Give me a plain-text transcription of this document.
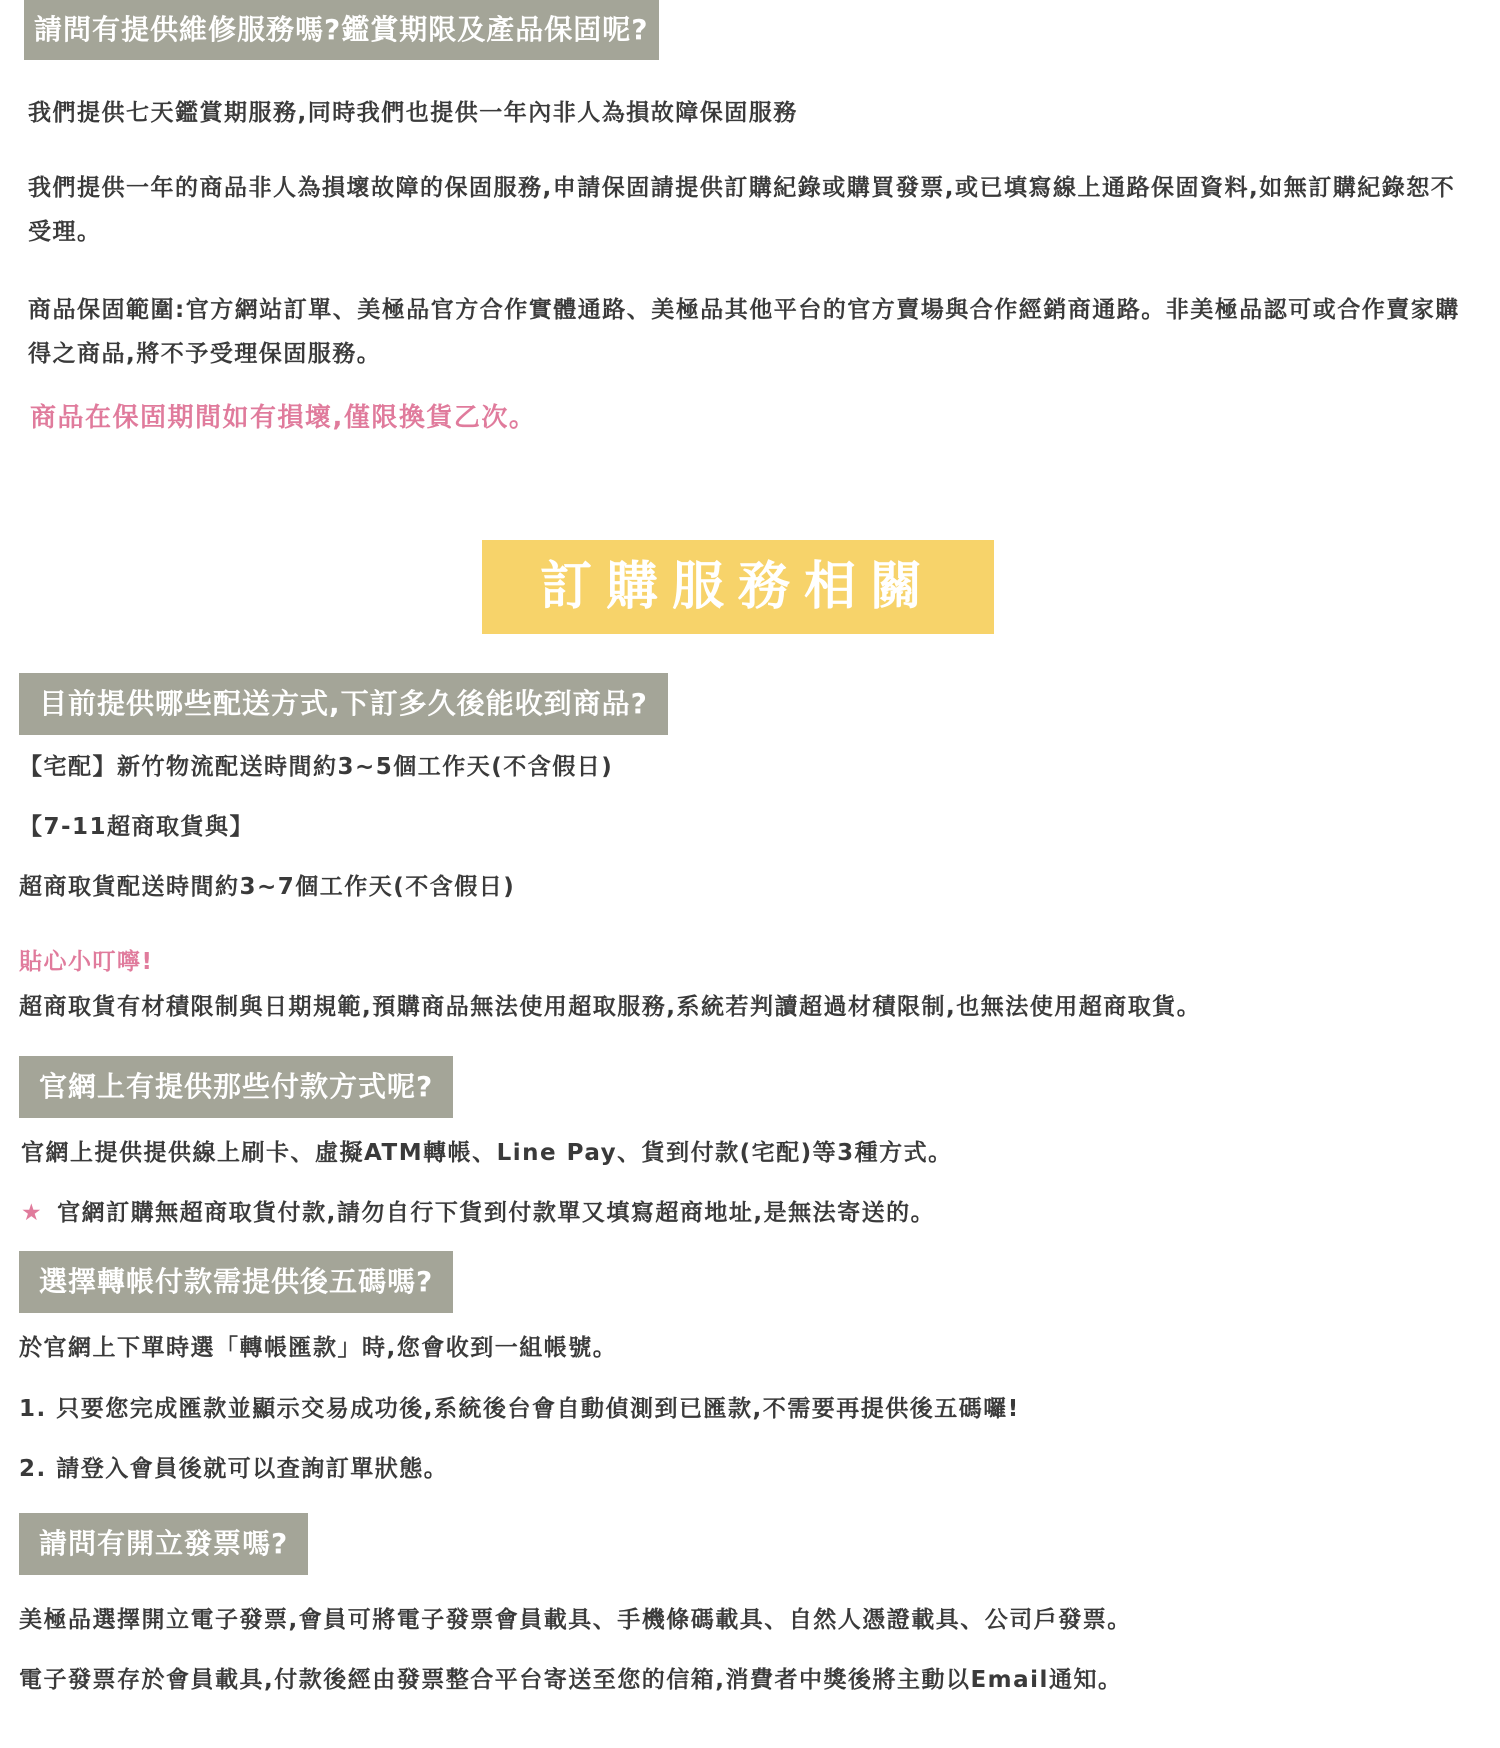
請問有提供維修服務嗎?鑑賞期限及產品保固呢?
我們提供七天鑑賞期服務,同時我們也提供一年內非人為損故障保固服務
我們提供一年的商品非人為損壞故障的保固服務,申請保固請提供訂購紀錄或購買發票,或已填寫線上通路保固資料,如無訂購紀錄恕不受理。
商品保固範圍:官方網站訂單、美極品官方合作實體通路、美極品其他平台的官方賣場與合作經銷商通路。非美極品認可或合作賣家購得之商品,將不予受理保固服務。
商品在保固期間如有損壞,僅限換貨乙次。
訂購服務相關
目前提供哪些配送方式,下訂多久後能收到商品?
【宅配】新竹物流配送時間約3~5個工作天(不含假日)
【7-11超商取貨與】
超商取貨配送時間約3~7個工作天(不含假日)
貼心小叮嚀!
超商取貨有材積限制與日期規範,預購商品無法使用超取服務,系統若判讀超過材積限制,也無法使用超商取貨。
官網上有提供那些付款方式呢?
官網上提供提供線上刷卡、虛擬ATM轉帳、Line Pay、貨到付款(宅配)等3種方式。
★ 官網訂購無超商取貨付款,請勿自行下貨到付款單又填寫超商地址,是無法寄送的。
選擇轉帳付款需提供後五碼嗎?
於官網上下單時選「轉帳匯款」時,您會收到一組帳號。
1. 只要您完成匯款並顯示交易成功後,系統後台會自動偵測到已匯款,不需要再提供後五碼囉!
2. 請登入會員後就可以查詢訂單狀態。
請問有開立發票嗎?
美極品選擇開立電子發票,會員可將電子發票會員載具、手機條碼載具、自然人憑證載具、公司戶發票。
電子發票存於會員載具,付款後經由發票整合平台寄送至您的信箱,消費者中獎後將主動以Email通知。
